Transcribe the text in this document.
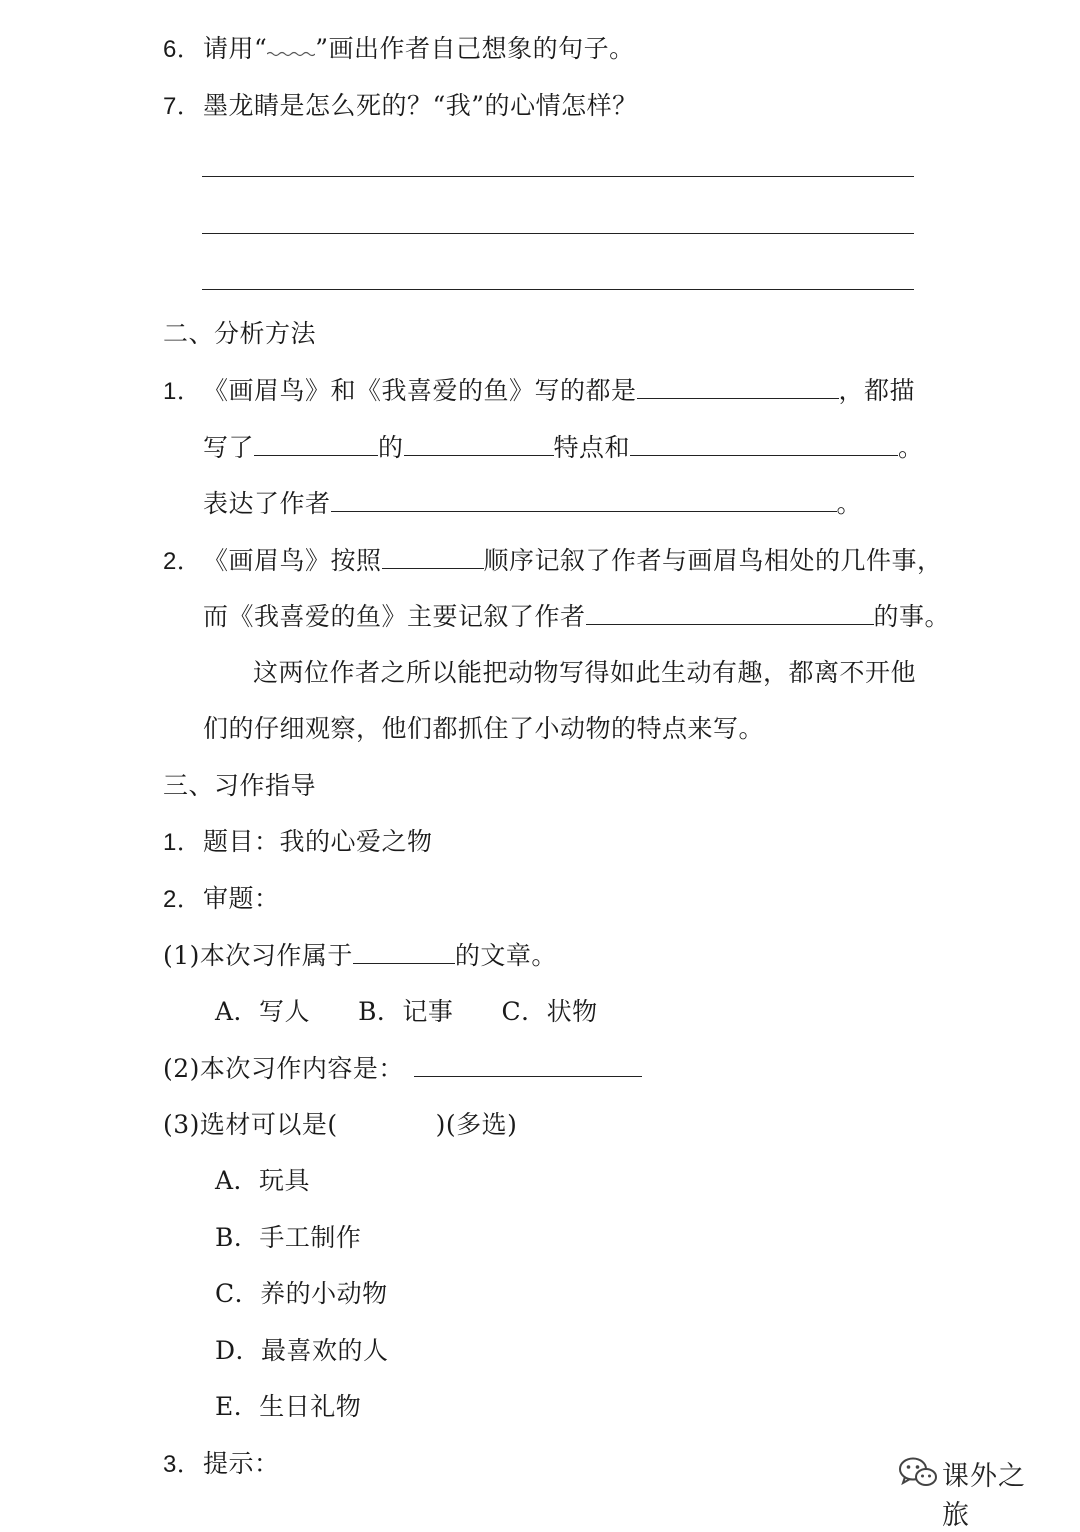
6．请用“ ”画出作者自己想象的句子。
7．墨龙睛是怎么死的？“我”的心情怎样？
二、分析方法
1．《画眉鸟》和《我喜爱的鱼》写的都是	，都描
写了	的	特点和	。
表达了作者	。
2．《画眉鸟》按照	顺序记叙了作者与画眉鸟相处的几件事，
而《我喜爱的鱼》主要记叙了作者	的事。
这两位作者之所以能把动物写得如此生动有趣，都离不开他
们的仔细观察，他们都抓住了小动物的特点来写。
三、习作指导
1．题目：我的心爱之物
2．审题：
(1)本次习作属于	的文章。
A．写人 B．记事 C．状物
(2)本次习作内容是：
(3)选材可以是(	)(多选)
A．玩具
B．手工制作
C．养的小动物
D．最喜欢的人
E．生日礼物
3．提示：	课外之旅
